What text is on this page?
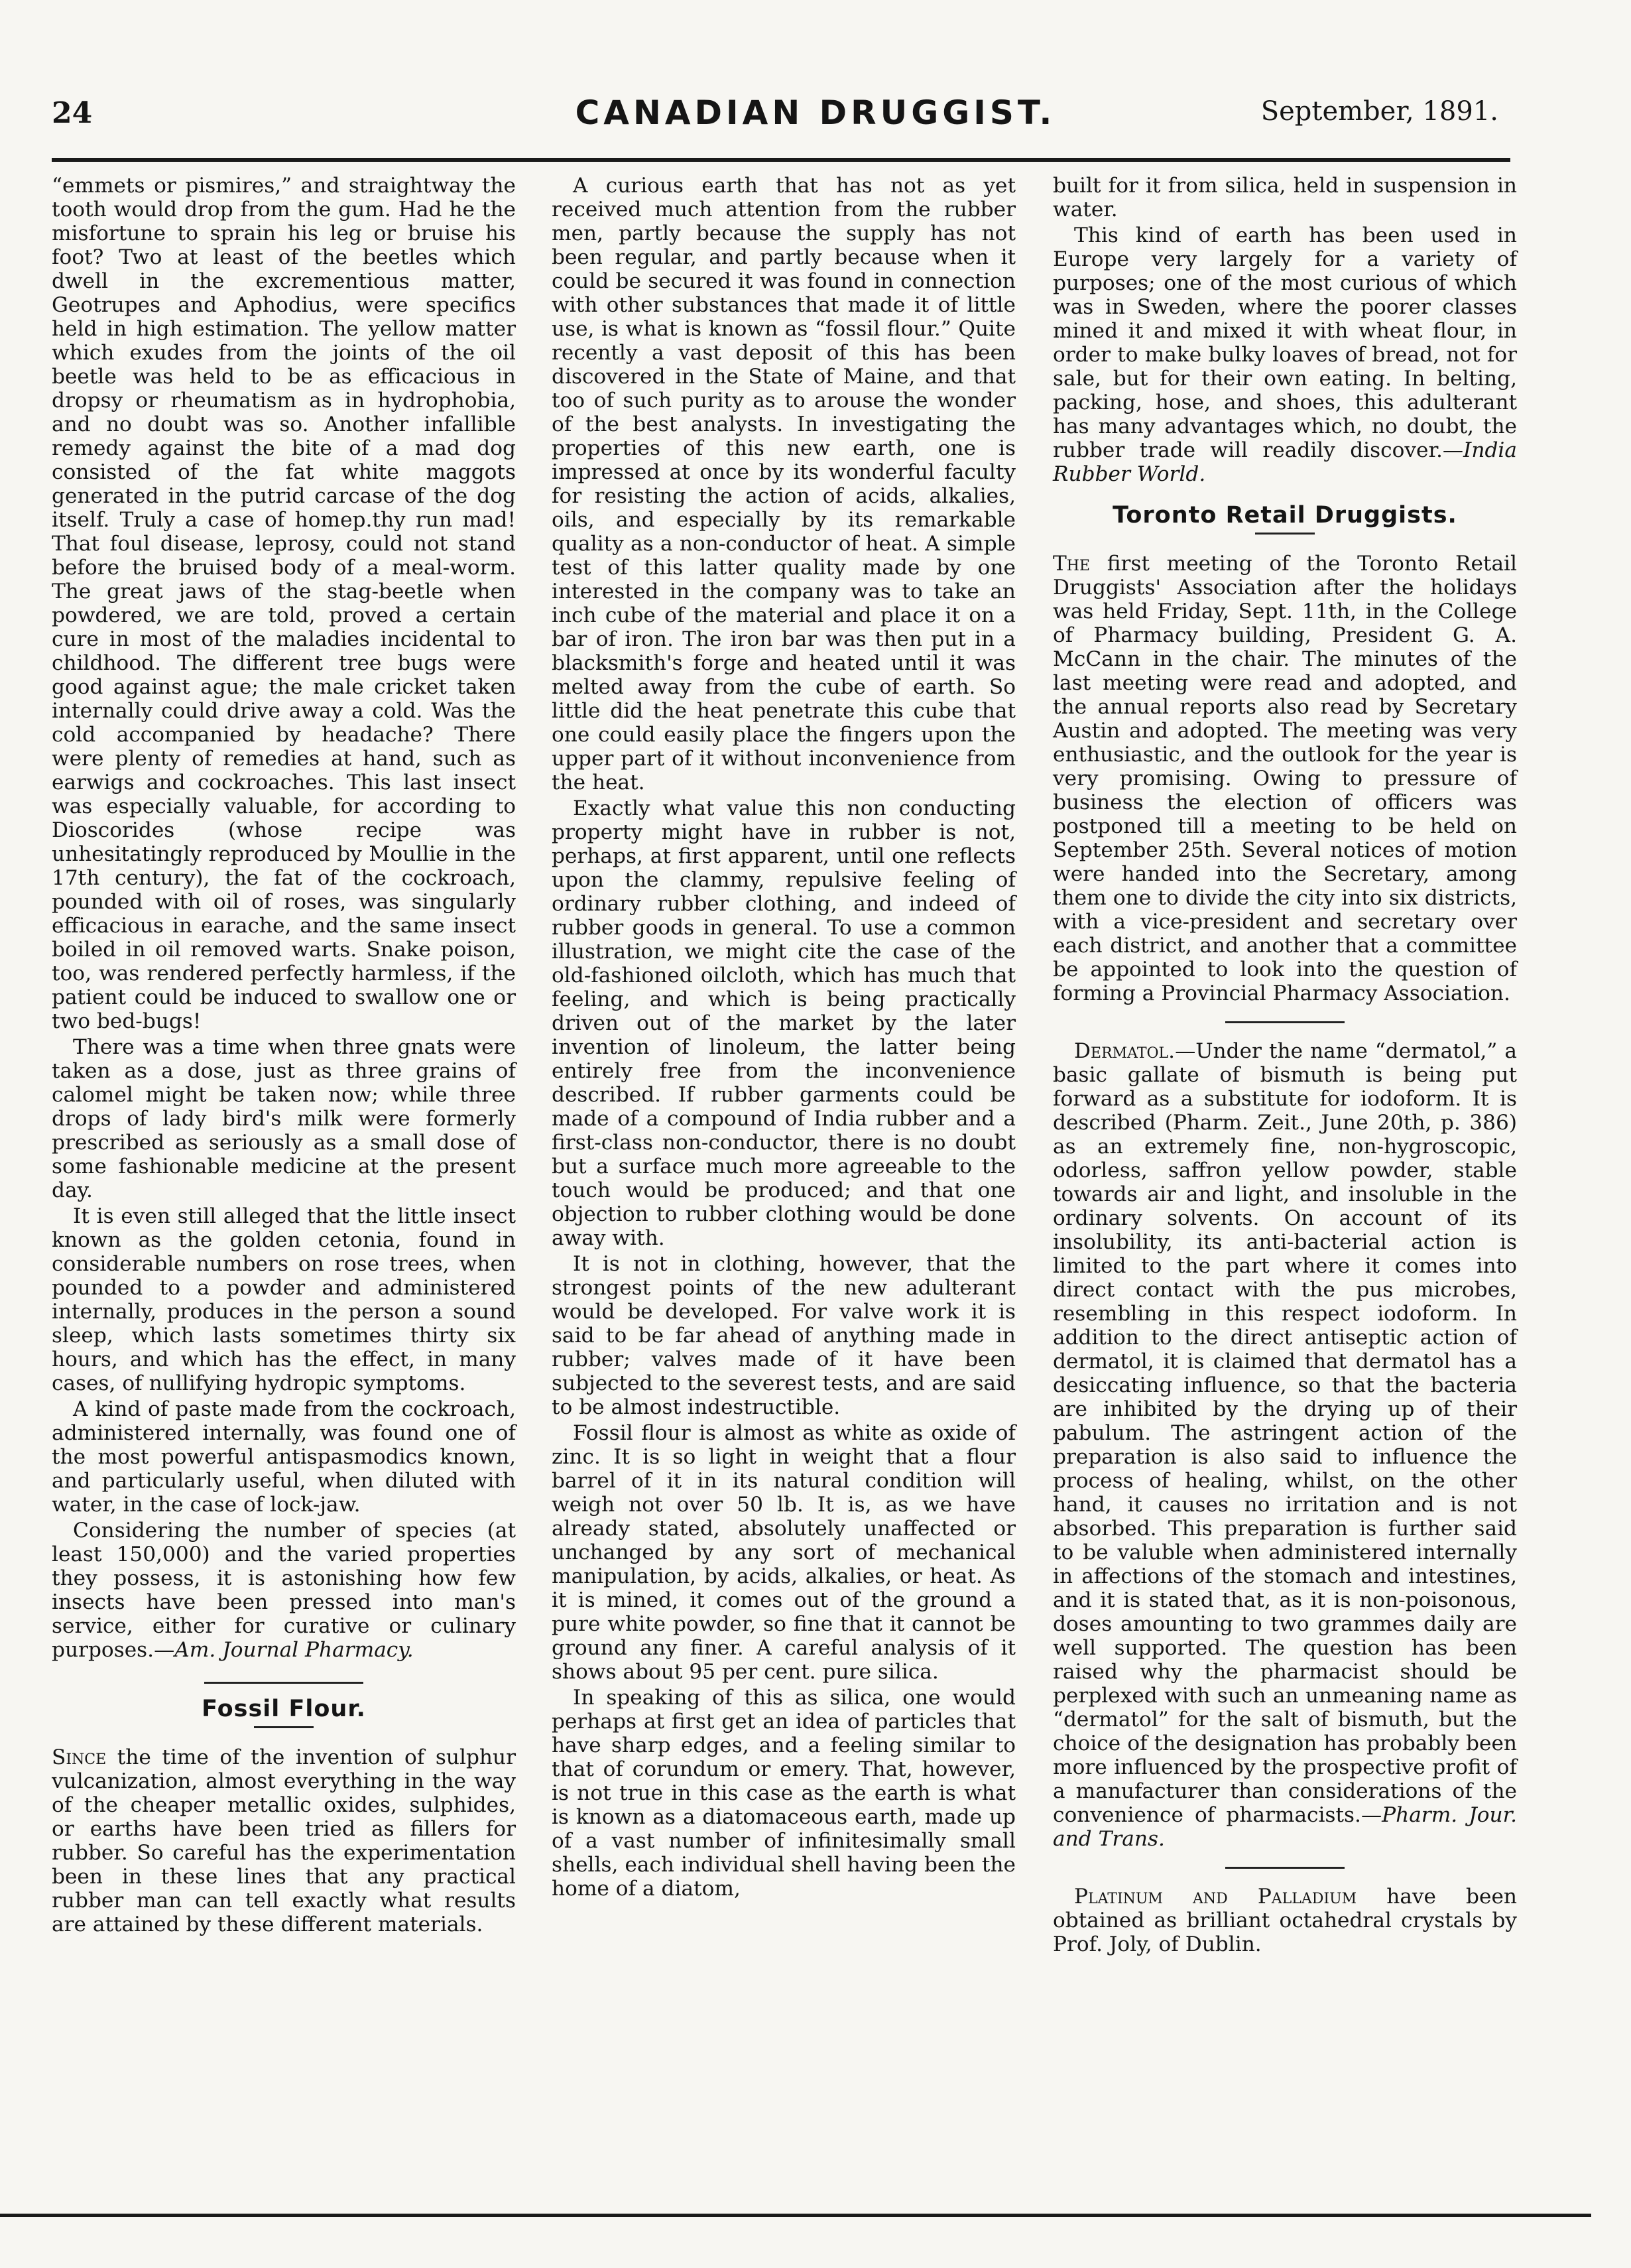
24	CANADIAN DRUGGIST.	September, 1891.

“emmets or pismires,” and straightway the tooth would drop from the gum. Had he the misfortune to sprain his leg or bruise his foot? Two at least of the beetles which dwell in the excrementious matter, Geotrupes and Aphodius, were specifics held in high estimation. The yellow matter which exudes from the joints of the oil beetle was held to be as efficacious in dropsy or rheumatism as in hydrophobia, and no doubt was so. Another infallible remedy against the bite of a mad dog consisted of the fat white maggots generated in the putrid carcase of the dog itself. Truly a case of homep.thy run mad! That foul disease, leprosy, could not stand before the bruised body of a meal-worm. The great jaws of the stag-beetle when powdered, we are told, proved a certain cure in most of the maladies incidental to childhood. The different tree bugs were good against ague; the male cricket taken internally could drive away a cold. Was the cold accompanied by headache? There were plenty of remedies at hand, such as earwigs and cockroaches. This last insect was especially valuable, for according to Dioscorides (whose recipe was unhesitatingly reproduced by Moullie in the 17th century), the fat of the cockroach, pounded with oil of roses, was singularly efficacious in earache, and the same insect boiled in oil removed warts. Snake poison, too, was rendered perfectly harmless, if the patient could be induced to swallow one or two bed-bugs!

There was a time when three gnats were taken as a dose, just as three grains of calomel might be taken now; while three drops of lady bird's milk were formerly prescribed as seriously as a small dose of some fashionable medicine at the present day.

It is even still alleged that the little insect known as the golden cetonia, found in considerable numbers on rose trees, when pounded to a powder and administered internally, produces in the person a sound sleep, which lasts sometimes thirty six hours, and which has the effect, in many cases, of nullifying hydropic symptoms.

A kind of paste made from the cockroach, administered internally, was found one of the most powerful antispasmodics known, and particularly useful, when diluted with water, in the case of lock-jaw.

Considering the number of species (at least 150,000) and the varied properties they possess, it is astonishing how few insects have been pressed into man's service, either for curative or culinary purposes.—Am. Journal Pharmacy.

Fossil Flour.

Since the time of the invention of sulphur vulcanization, almost everything in the way of the cheaper metallic oxides, sulphides, or earths have been tried as fillers for rubber. So careful has the experimentation been in these lines that any practical rubber man can tell exactly what results are attained by these different materials.

A curious earth that has not as yet received much attention from the rubber men, partly because the supply has not been regular, and partly because when it could be secured it was found in connection with other substances that made it of little use, is what is known as “fossil flour.” Quite recently a vast deposit of this has been discovered in the State of Maine, and that too of such purity as to arouse the wonder of the best analysts. In investigating the properties of this new earth, one is impressed at once by its wonderful faculty for resisting the action of acids, alkalies, oils, and especially by its remarkable quality as a non-conductor of heat. A simple test of this latter quality made by one interested in the company was to take an inch cube of the material and place it on a bar of iron. The iron bar was then put in a blacksmith's forge and heated until it was melted away from the cube of earth. So little did the heat penetrate this cube that one could easily place the fingers upon the upper part of it without inconvenience from the heat.

Exactly what value this non conducting property might have in rubber is not, perhaps, at first apparent, until one reflects upon the clammy, repulsive feeling of ordinary rubber clothing, and indeed of rubber goods in general. To use a common illustration, we might cite the case of the old-fashioned oilcloth, which has much that feeling, and which is being practically driven out of the market by the later invention of linoleum, the latter being entirely free from the inconvenience described. If rubber garments could be made of a compound of India rubber and a first-class non-conductor, there is no doubt but a surface much more agreeable to the touch would be produced; and that one objection to rubber clothing would be done away with.

It is not in clothing, however, that the strongest points of the new adulterant would be developed. For valve work it is said to be far ahead of anything made in rubber; valves made of it have been subjected to the severest tests, and are said to be almost indestructible.

Fossil flour is almost as white as oxide of zinc. It is so light in weight that a flour barrel of it in its natural condition will weigh not over 50 lb. It is, as we have already stated, absolutely unaffected or unchanged by any sort of mechanical manipulation, by acids, alkalies, or heat. As it is mined, it comes out of the ground a pure white powder, so fine that it cannot be ground any finer. A careful analysis of it shows about 95 per cent. pure silica.

In speaking of this as silica, one would perhaps at first get an idea of particles that have sharp edges, and a feeling similar to that of corundum or emery. That, however, is not true in this case as the earth is what is known as a diatomaceous earth, made up of a vast number of infinitesimally small shells, each individual shell having been the home of a diatom,

built for it from silica, held in suspension in water.

This kind of earth has been used in Europe very largely for a variety of purposes; one of the most curious of which was in Sweden, where the poorer classes mined it and mixed it with wheat flour, in order to make bulky loaves of bread, not for sale, but for their own eating. In belting, packing, hose, and shoes, this adulterant has many advantages which, no doubt, the rubber trade will readily discover.—India Rubber World.

Toronto Retail Druggists.

The first meeting of the Toronto Retail Druggists' Association after the holidays was held Friday, Sept. 11th, in the College of Pharmacy building, President G. A. McCann in the chair. The minutes of the last meeting were read and adopted, and the annual reports also read by Secretary Austin and adopted. The meeting was very enthusiastic, and the outlook for the year is very promising. Owing to pressure of business the election of officers was postponed till a meeting to be held on September 25th. Several notices of motion were handed into the Secretary, among them one to divide the city into six districts, with a vice-president and secretary over each district, and another that a committee be appointed to look into the question of forming a Provincial Pharmacy Association.

Dermatol.—Under the name “dermatol,” a basic gallate of bismuth is being put forward as a substitute for iodoform. It is described (Pharm. Zeit., June 20th, p. 386) as an extremely fine, non-hygroscopic, odorless, saffron yellow powder, stable towards air and light, and insoluble in the ordinary solvents. On account of its insolubility, its anti-bacterial action is limited to the part where it comes into direct contact with the pus microbes, resembling in this respect iodoform. In addition to the direct antiseptic action of dermatol, it is claimed that dermatol has a desiccating influence, so that the bacteria are inhibited by the drying up of their pabulum. The astringent action of the preparation is also said to influence the process of healing, whilst, on the other hand, it causes no irritation and is not absorbed. This preparation is further said to be valuble when administered internally in affections of the stomach and intestines, and it is stated that, as it is non-poisonous, doses amounting to two grammes daily are well supported. The question has been raised why the pharmacist should be perplexed with such an unmeaning name as “dermatol” for the salt of bismuth, but the choice of the designation has probably been more influenced by the prospective profit of a manufacturer than considerations of the convenience of pharmacists.—Pharm. Jour. and Trans.

Platinum and Palladium have been obtained as brilliant octahedral crystals by Prof. Joly, of Dublin.
